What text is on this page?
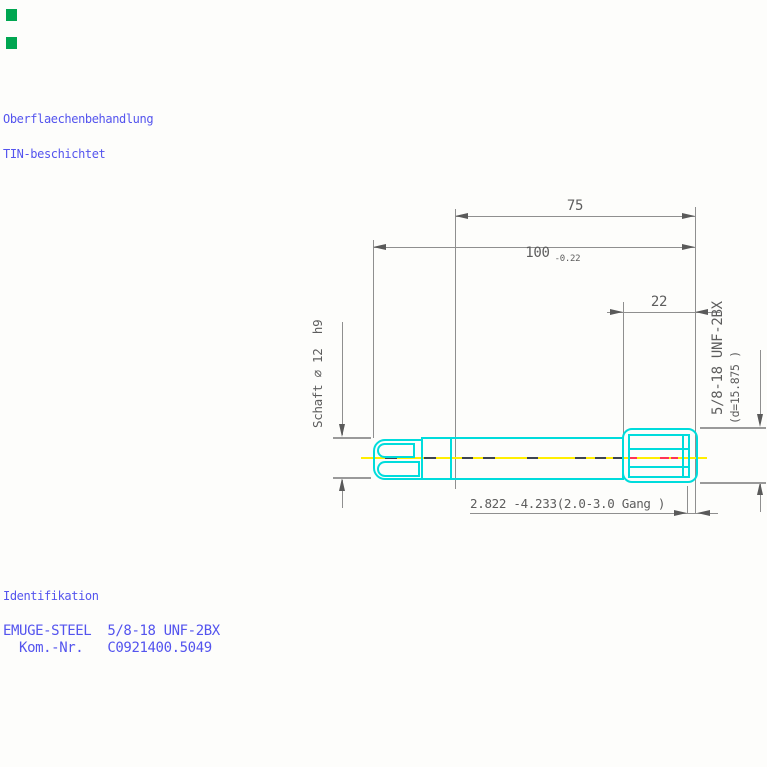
Oberflaechenbehandlung
TIN-beschichtet
75

100 $_{-0.22}$

22
Schaft ⌀ 12  h9	5/8-18 UNF-2BX (d=15.875 )
2.822 -4.233(2.0-3.0 Gang )
Identifikation
EMUGE-STEEL  5/8-18 UNF-2BX
Kom.-Nr.   C0921400.5049
